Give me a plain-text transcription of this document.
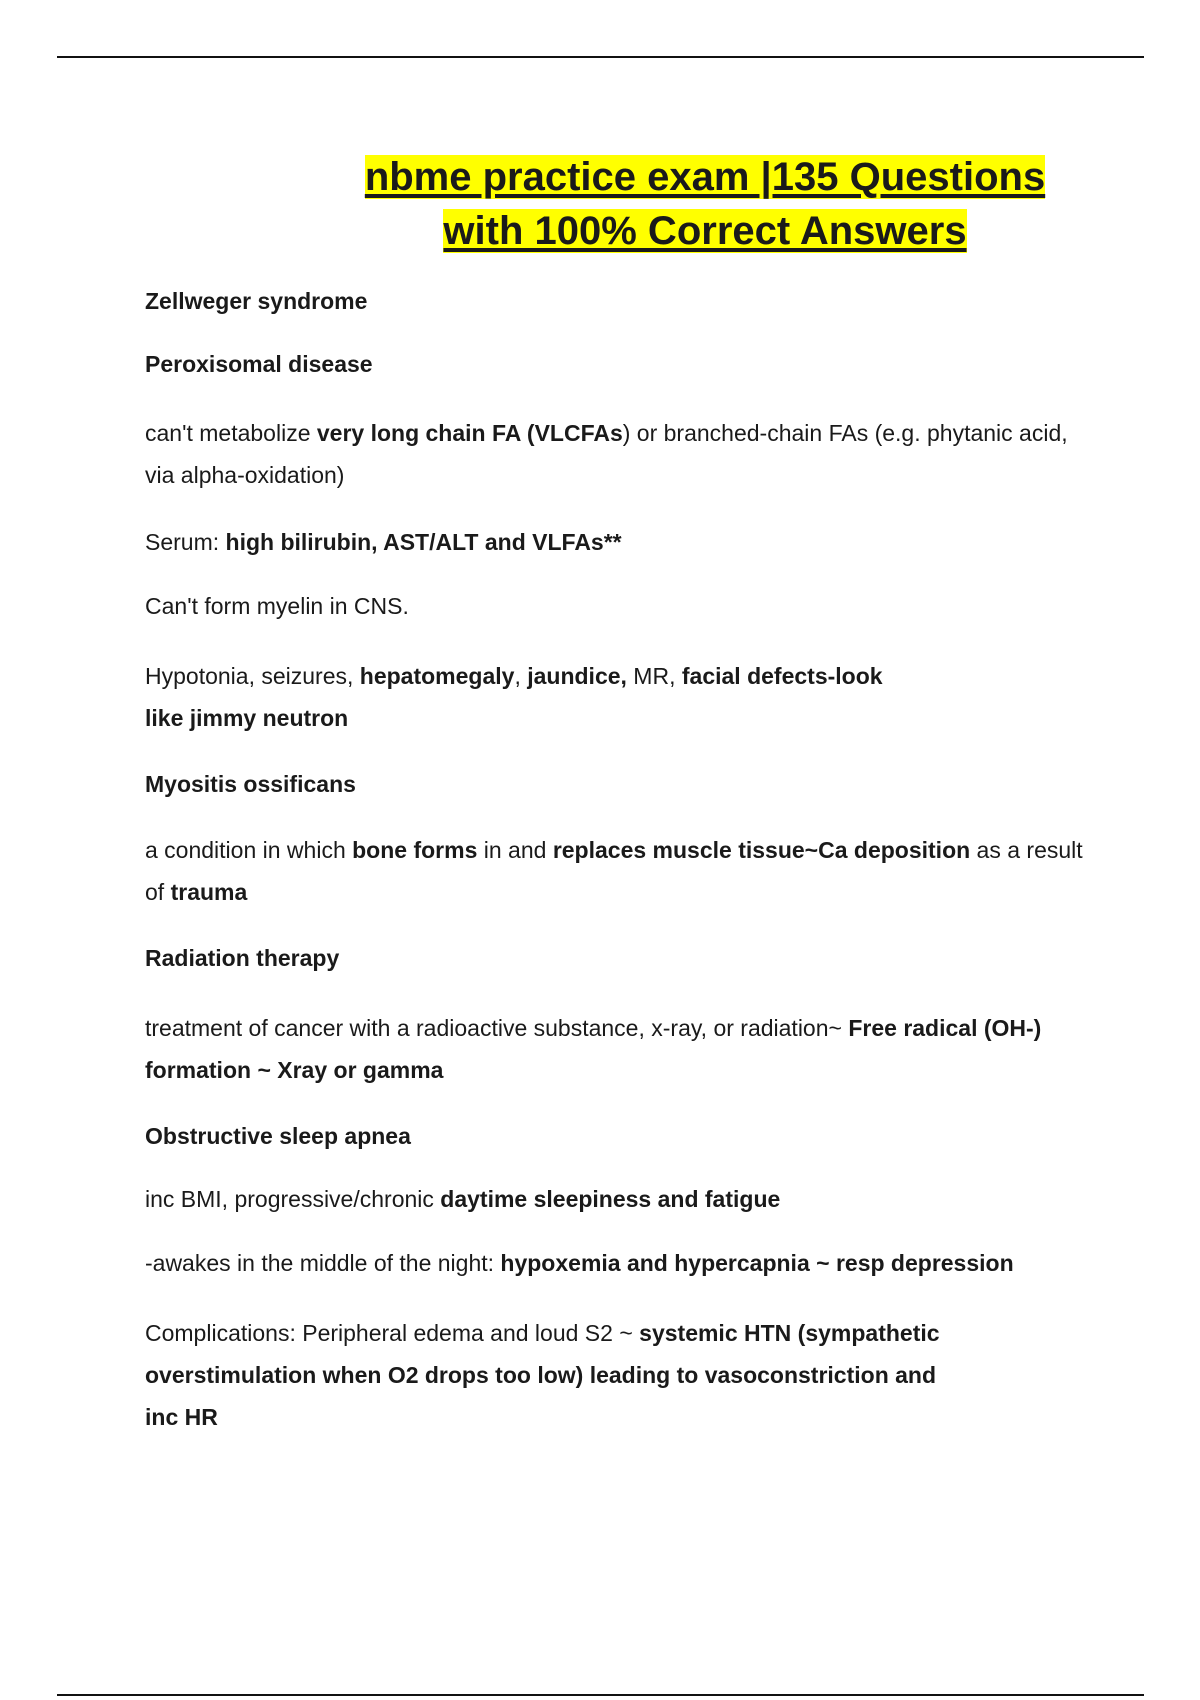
nbme practice exam |135 Questions
with 100% Correct Answers

Zellweger syndrome

Peroxisomal disease

can't metabolize very long chain FA (VLCFAs) or branched-chain FAs (e.g. phytanic acid, via alpha-oxidation)

Serum: high bilirubin, AST/ALT and VLFAs**

Can't form myelin in CNS.

Hypotonia, seizures, hepatomegaly, jaundice, MR, facial defects-look like jimmy neutron

Myositis ossificans

a condition in which bone forms in and replaces muscle tissue~Ca deposition as a result of trauma

Radiation therapy

treatment of cancer with a radioactive substance, x-ray, or radiation~ Free radical (OH-) formation ~ Xray or gamma

Obstructive sleep apnea

inc BMI, progressive/chronic daytime sleepiness and fatigue

-awakes in the middle of the night: hypoxemia and hypercapnia ~ resp depression

Complications: Peripheral edema and loud S2 ~ systemic HTN (sympathetic overstimulation when O2 drops too low) leading to vasoconstriction and inc HR
